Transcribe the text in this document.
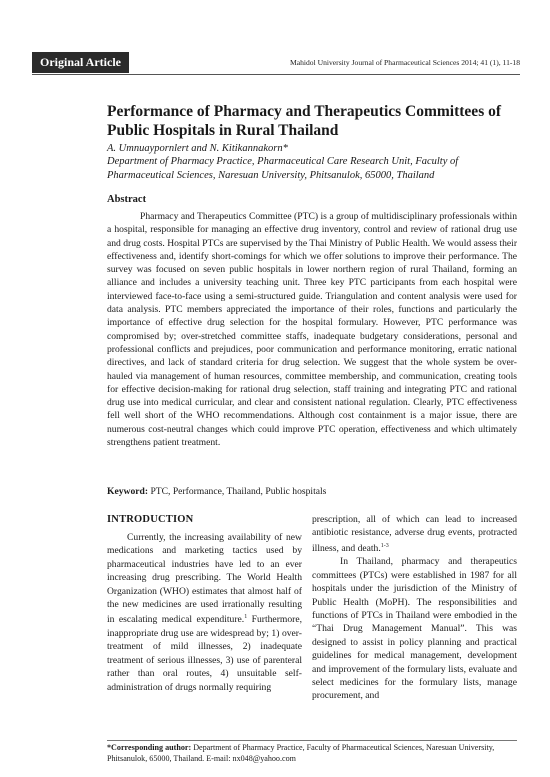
Original Article	Mahidol University Journal of Pharmaceutical Sciences 2014; 41 (1), 11-18
Performance of Pharmacy and Therapeutics Committees of Public Hospitals in Rural Thailand
A. Umnuaypornlert and N. Kitikannakorn*
Department of Pharmacy Practice, Pharmaceutical Care Research Unit, Faculty of Pharmaceutical Sciences, Naresuan University, Phitsanulok, 65000, Thailand
Abstract
Pharmacy and Therapeutics Committee (PTC) is a group of multidisciplinary professionals within a hospital, responsible for managing an effective drug inventory, control and review of rational drug use and drug costs. Hospital PTCs are supervised by the Thai Ministry of Public Health. We would assess their effectiveness and, identify short-comings for which we offer solutions to improve their performance. The survey was focused on seven public hospitals in lower northern region of rural Thailand, forming an alliance and includes a university teaching unit. Three key PTC participants from each hospital were interviewed face-to-face using a semi-structured guide. Triangulation and content analysis were used for data analysis. PTC members appreciated the importance of their roles, functions and particularly the importance of effective drug selection for the hospital formulary. However, PTC performance was compromised by; over-stretched committee staffs, inadequate budgetary considerations, personal and professional conflicts and prejudices, poor communication and performance monitoring, erratic national directives, and lack of standard criteria for drug selection. We suggest that the whole system be over-hauled via management of human resources, committee membership, and communication, creating tools for effective decision-making for rational drug selection, staff training and integrating PTC and rational drug use into medical curricular, and clear and consistent national regulation. Clearly, PTC effectiveness fell well short of the WHO recommendations. Although cost containment is a major issue, there are numerous cost-neutral changes which could improve PTC operation, effectiveness and which ultimately strengthens patient treatment.
Keyword: PTC, Performance, Thailand, Public hospitals
INTRODUCTION
Currently, the increasing availability of new medications and marketing tactics used by pharmaceutical industries have led to an ever increasing drug prescribing. The World Health Organization (WHO) estimates that almost half of the new medicines are used irrationally resulting in escalating medical expenditure.$^1$ Furthermore, inappropriate drug use are widespread by; 1) over-treatment of mild illnesses, 2) inadequate treatment of serious illnesses, 3) use of parenteral rather than oral routes, 4) unsuitable self-administration of drugs normally requiring

prescription, all of which can lead to increased antibiotic resistance, adverse drug events, protracted illness, and death.$^{1-3}$

In Thailand, pharmacy and therapeutics committees (PTCs) were established in 1987 for all hospitals under the jurisdiction of the Ministry of Public Health (MoPH). The responsibilities and functions of PTCs in Thailand were embodied in the “Thai Drug Management Manual”. This was designed to assist in policy planning and practical guidelines for medical management, development and improvement of the formulary lists, evaluate and select medicines for the formulary lists, manage procurement, and

*Corresponding author: Department of Pharmacy Practice, Faculty of Pharmaceutical Sciences, Naresuan University, Phitsanulok, 65000, Thailand. E-mail: nx048@yahoo.com
